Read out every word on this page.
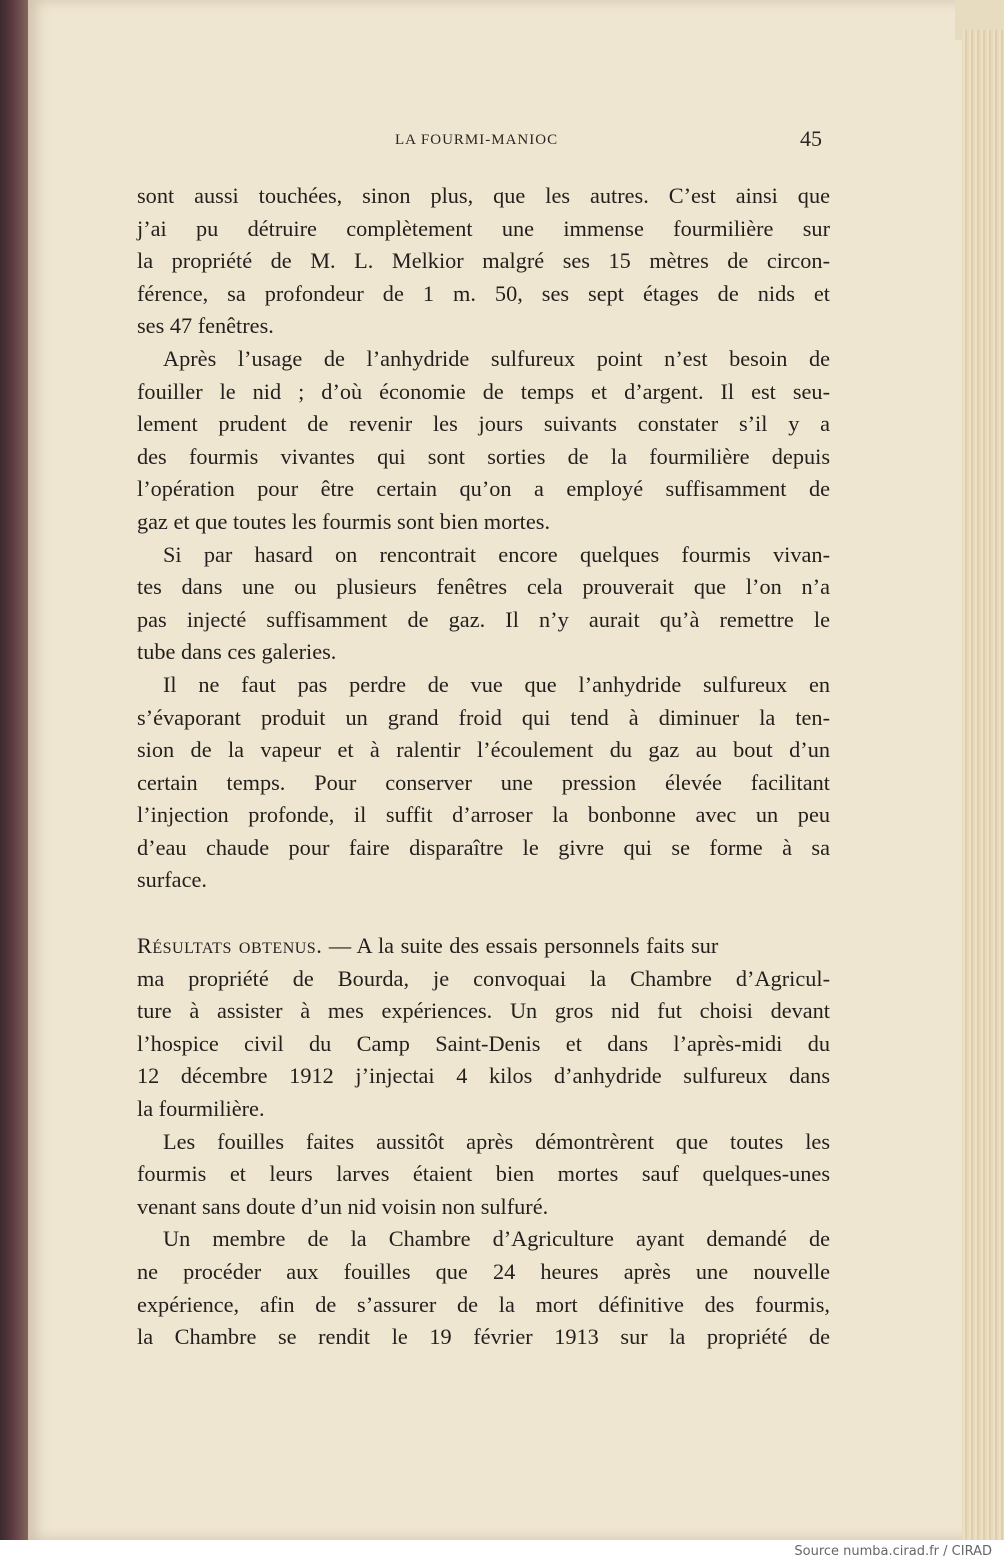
LA FOURMI-MANIOC	45
sont aussi touchées, sinon plus, que les autres. C’est ainsi que
j’ai pu détruire complètement une immense fourmilière sur
la propriété de M. L. Melkior malgré ses 15 mètres de circon-
férence, sa profondeur de 1 m. 50, ses sept étages de nids et
ses 47 fenêtres.
Après l’usage de l’anhydride sulfureux point n’est besoin de
fouiller le nid ; d’où économie de temps et d’argent. Il est seu-
lement prudent de revenir les jours suivants constater s’il y a
des fourmis vivantes qui sont sorties de la fourmilière depuis
l’opération pour être certain qu’on a employé suffisamment de
gaz et que toutes les fourmis sont bien mortes.
Si par hasard on rencontrait encore quelques fourmis vivan-
tes dans une ou plusieurs fenêtres cela prouverait que l’on n’a
pas injecté suffisamment de gaz. Il n’y aurait qu’à remettre le
tube dans ces galeries.
Il ne faut pas perdre de vue que l’anhydride sulfureux en
s’évaporant produit un grand froid qui tend à diminuer la ten-
sion de la vapeur et à ralentir l’écoulement du gaz au bout d’un
certain temps. Pour conserver une pression élevée facilitant
l’injection profonde, il suffit d’arroser la bonbonne avec un peu
d’eau chaude pour faire disparaître le givre qui se forme à sa
surface.
Résultats obtenus. — A la suite des essais personnels faits sur
ma propriété de Bourda, je convoquai la Chambre d’Agricul-
ture à assister à mes expériences. Un gros nid fut choisi devant
l’hospice civil du Camp Saint-Denis et dans l’après-midi du
12 décembre 1912 j’injectai 4 kilos d’anhydride sulfureux dans
la fourmilière.
Les fouilles faites aussitôt après démontrèrent que toutes les
fourmis et leurs larves étaient bien mortes sauf quelques-unes
venant sans doute d’un nid voisin non sulfuré.
Un membre de la Chambre d’Agriculture ayant demandé de
ne procéder aux fouilles que 24 heures après une nouvelle
expérience, afin de s’assurer de la mort définitive des fourmis,
la Chambre se rendit le 19 février 1913 sur la propriété de
Source numba.cirad.fr / CIRAD
